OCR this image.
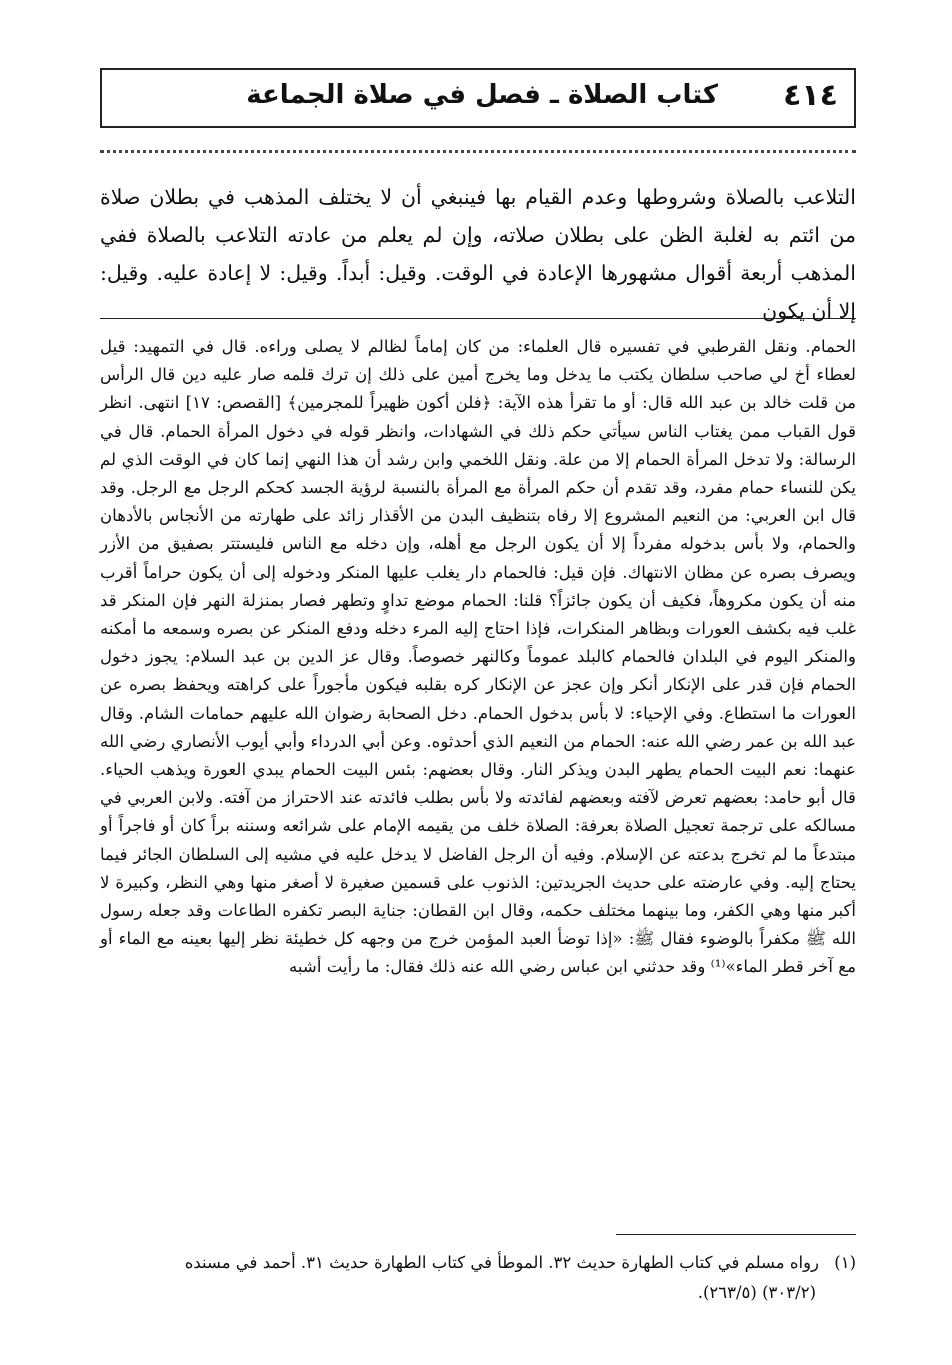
كتاب الصلاة ـ فصل في صلاة الجماعة ٤١٤

التلاعب بالصلاة وشروطها وعدم القيام بها فينبغي أن لا يختلف المذهب في بطلان صلاة من ائتم به لغلبة الظن على بطلان صلاته، وإن لم يعلم من عادته التلاعب بالصلاة ففي المذهب أربعة أقوال مشهورها الإعادة في الوقت. وقيل: أبداً. وقيل: لا إعادة عليه. وقيل: إلا أن يكون

الحمام. ونقل القرطبي في تفسيره قال العلماء: من كان إماماً لظالم لا يصلى وراءه. قال في التمهيد: قيل لعطاء أخ لي صاحب سلطان يكتب ما يدخل وما يخرج أمين على ذلك إن ترك قلمه صار عليه دين قال الرأس من قلت خالد بن عبد الله قال: أو ما تقرأ هذه الآية: ﴿فلن أكون ظهيراً للمجرمين﴾ [القصص: ١٧] انتهى. انظر قول القباب ممن يغتاب الناس سيأتي حكم ذلك في الشهادات، وانظر قوله في دخول المرأة الحمام. قال في الرسالة: ولا تدخل المرأة الحمام إلا من علة. ونقل اللخمي وابن رشد أن هذا النهي إنما كان في الوقت الذي لم يكن للنساء حمام مفرد، وقد تقدم أن حكم المرأة مع المرأة بالنسبة لرؤية الجسد كحكم الرجل مع الرجل. وقد قال ابن العربي: من النعيم المشروع إلا رفاه بتنظيف البدن من الأقذار زائد على طهارته من الأنجاس بالأدهان والحمام، ولا بأس بدخوله مفرداً إلا أن يكون الرجل مع أهله، وإن دخله مع الناس فليستتر بصفيق من الأزر ويصرف بصره عن مظان الانتهاك. فإن قيل: فالحمام دار يغلب عليها المنكر ودخوله إلى أن يكون حراماً أقرب منه أن يكون مكروهاً، فكيف أن يكون جائزاً؟ قلنا: الحمام موضع تداوٍ وتطهر فصار بمنزلة النهر فإن المنكر قد غلب فيه بكشف العورات وبظاهر المنكرات، فإذا احتاج إليه المرء دخله ودفع المنكر عن بصره وسمعه ما أمكنه والمنكر اليوم في البلدان فالحمام كالبلد عموماً وكالنهر خصوصاً. وقال عز الدين بن عبد السلام: يجوز دخول الحمام فإن قدر على الإنكار أنكر وإن عجز عن الإنكار كره بقلبه فيكون مأجوراً على كراهته ويحفظ بصره عن العورات ما استطاع. وفي الإحياء: لا بأس بدخول الحمام. دخل الصحابة رضوان الله عليهم حمامات الشام. وقال عبد الله بن عمر رضي الله عنه: الحمام من النعيم الذي أحدثوه. وعن أبي الدرداء وأبي أيوب الأنصاري رضي الله عنهما: نعم البيت الحمام يطهر البدن ويذكر النار. وقال بعضهم: بئس البيت الحمام يبدي العورة ويذهب الحياء. قال أبو حامد: بعضهم تعرض لآفته وبعضهم لفائدته ولا بأس بطلب فائدته عند الاحتراز من آفته. ولابن العربي في مسالكه على ترجمة تعجيل الصلاة بعرفة: الصلاة خلف من يقيمه الإمام على شرائعه وسننه براً كان أو فاجراً أو مبتدعاً ما لم تخرج بدعته عن الإسلام. وفيه أن الرجل الفاضل لا يدخل عليه في مشيه إلى السلطان الجائر فيما يحتاج إليه. وفي عارضته على حديث الجريدتين: الذنوب على قسمين صغيرة لا أصغر منها وهي النظر، وكبيرة لا أكبر منها وهي الكفر، وما بينهما مختلف حكمه، وقال ابن القطان: جناية البصر تكفره الطاعات وقد جعله رسول الله ﷺ مكفراً بالوضوء فقال ﷺ: «إذا توضأ العبد المؤمن خرج من وجهه كل خطيئة نظر إليها بعينه مع الماء أو مع آخر قطر الماء»⁽¹⁾ وقد حدثني ابن عباس رضي الله عنه ذلك فقال: ما رأيت أشبه

(١) رواه مسلم في كتاب الطهارة حديث ٣٢. الموطأ في كتاب الطهارة حديث ٣١. أحمد في مسنده

(٣٠٣/٢) (٢٦٣/٥).
